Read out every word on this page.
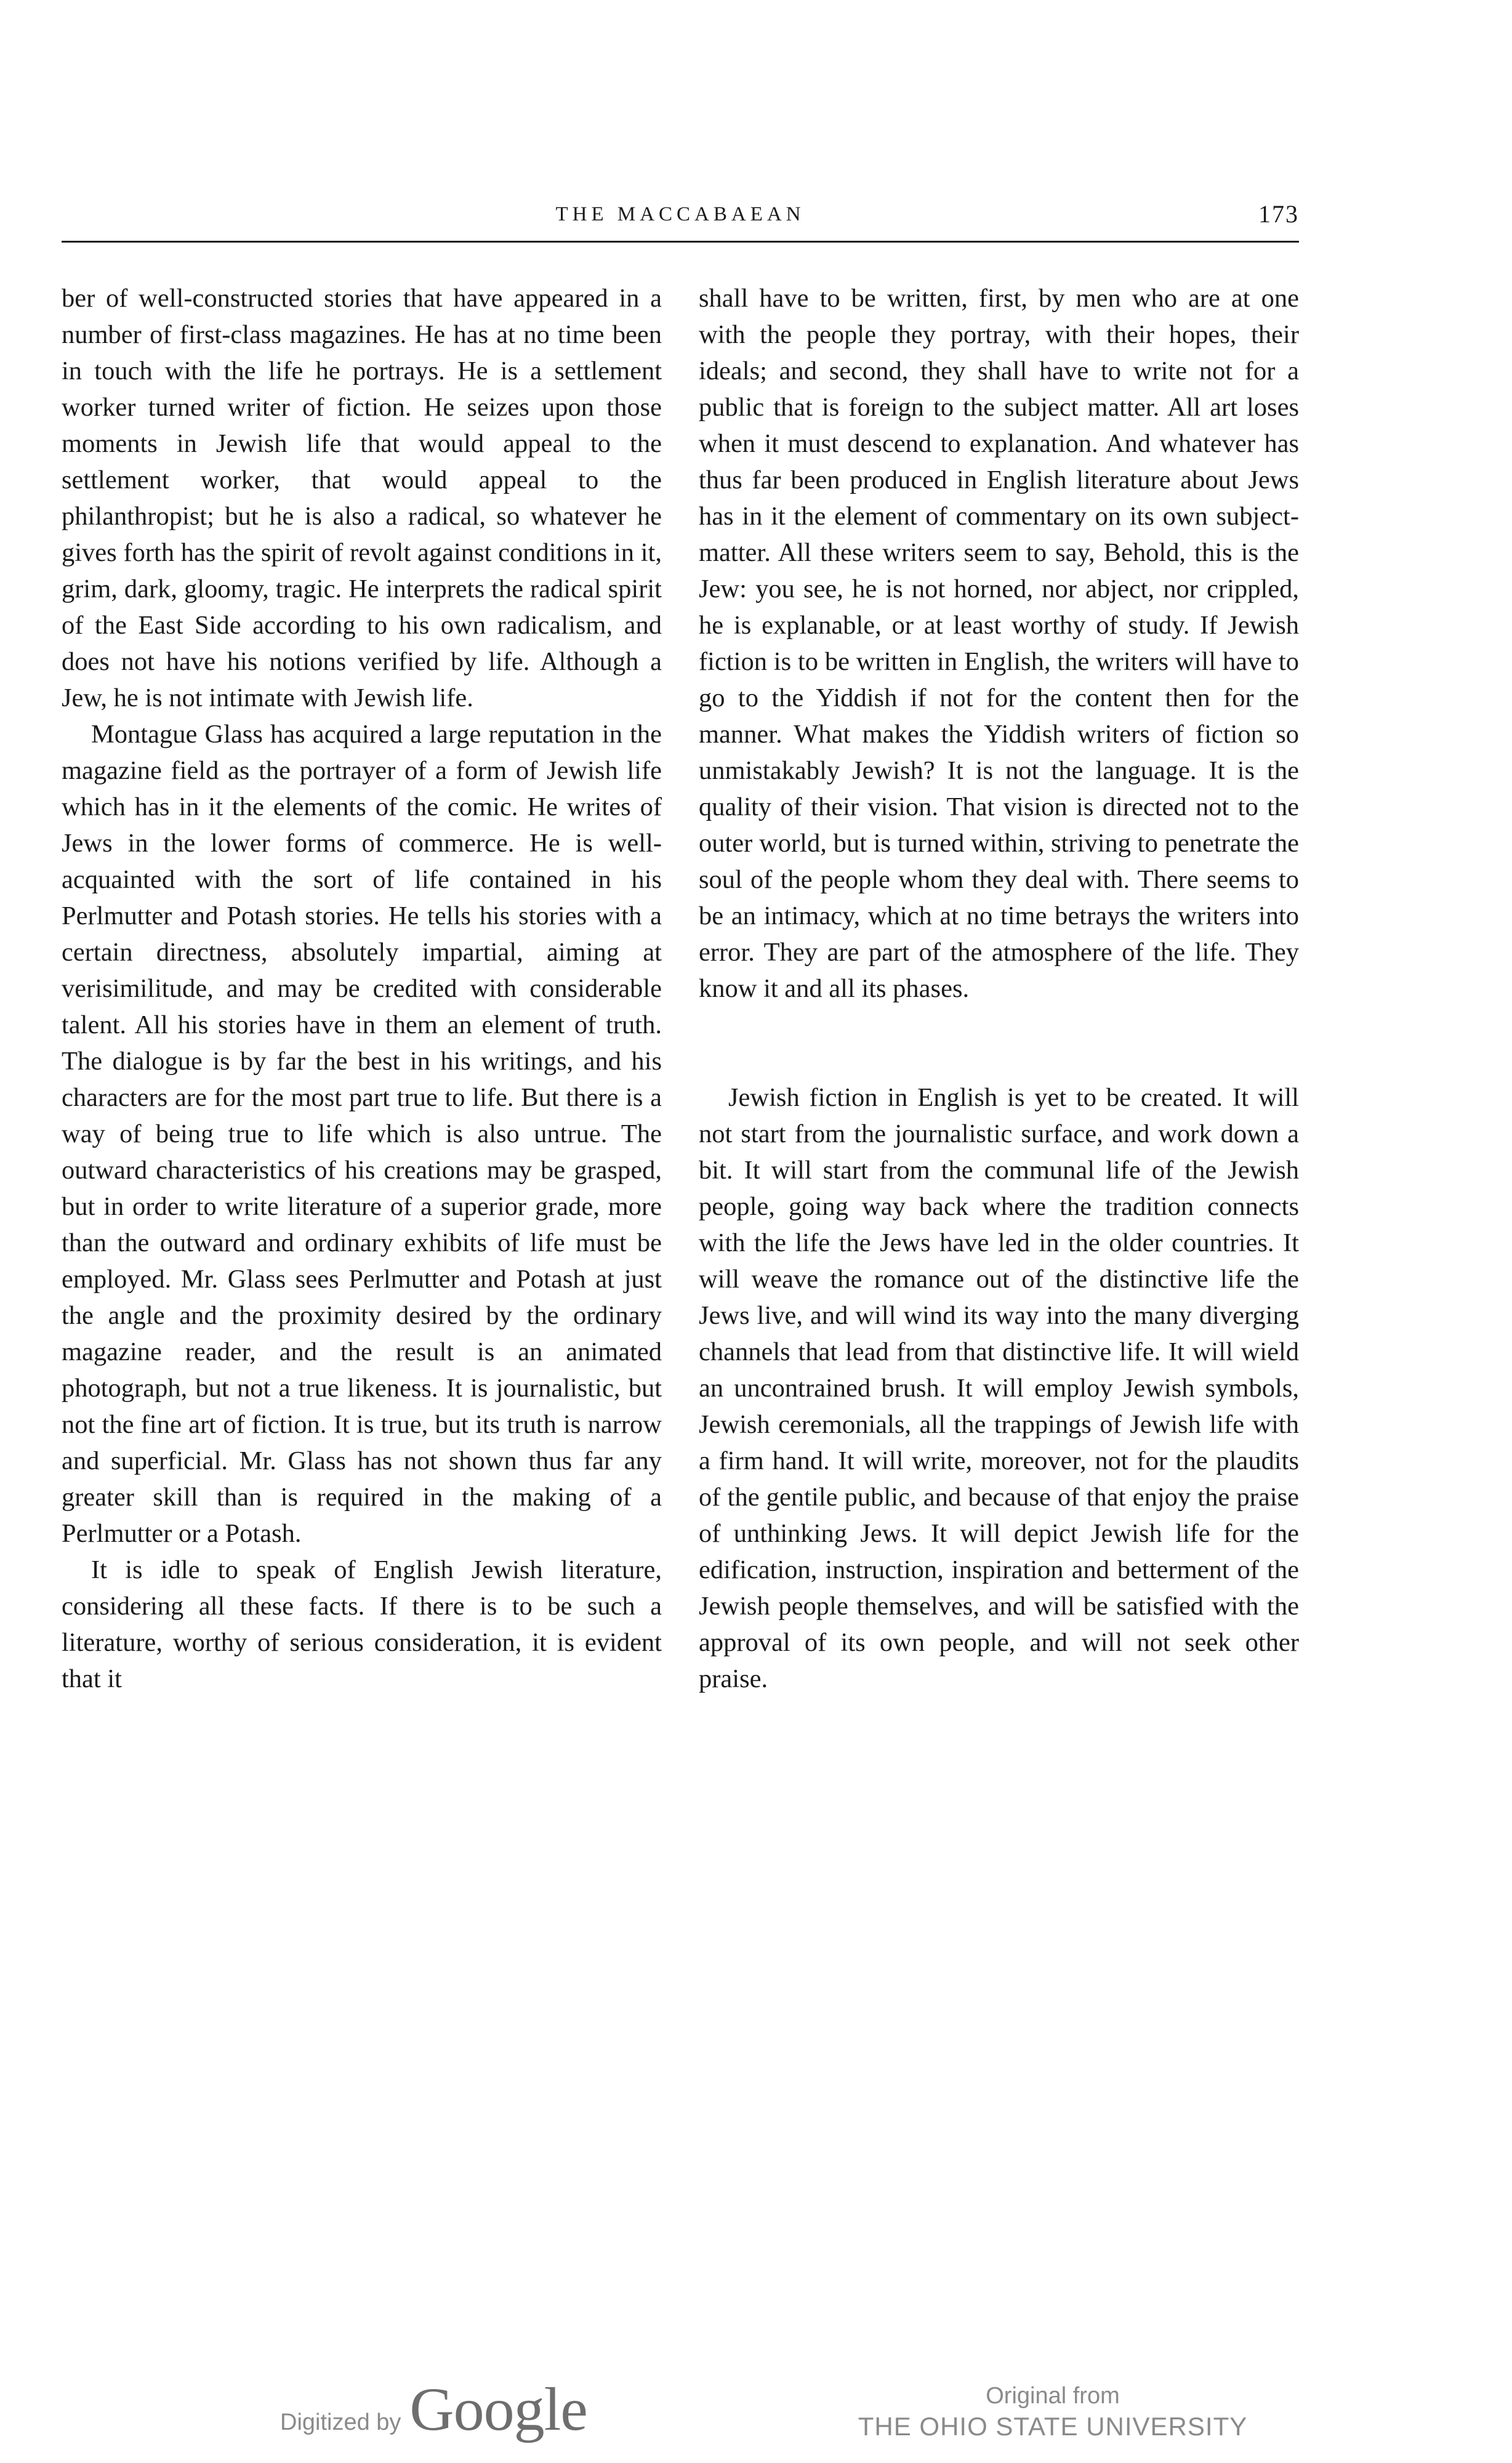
THE MACCABAEAN	173

ber of well-constructed stories that have appeared in a number of first-class magazines. He has at no time been in touch with the life he portrays. He is a settlement worker turned writer of fiction. He seizes upon those moments in Jewish life that would appeal to the settlement worker, that would appeal to the philanthropist; but he is also a radical, so whatever he gives forth has the spirit of revolt against conditions in it, grim, dark, gloomy, tragic. He interprets the radical spirit of the East Side according to his own radicalism, and does not have his notions verified by life. Although a Jew, he is not intimate with Jewish life.

Montague Glass has acquired a large reputation in the magazine field as the portrayer of a form of Jewish life which has in it the elements of the comic. He writes of Jews in the lower forms of commerce. He is well-acquainted with the sort of life contained in his Perlmutter and Potash stories. He tells his stories with a certain directness, absolutely impartial, aiming at verisimilitude, and may be credited with considerable talent. All his stories have in them an element of truth. The dialogue is by far the best in his writings, and his characters are for the most part true to life. But there is a way of being true to life which is also untrue. The outward characteristics of his creations may be grasped, but in order to write literature of a superior grade, more than the outward and ordinary exhibits of life must be employed. Mr. Glass sees Perlmutter and Potash at just the angle and the proximity desired by the ordinary magazine reader, and the result is an animated photograph, but not a true likeness. It is journalistic, but not the fine art of fiction. It is true, but its truth is narrow and superficial. Mr. Glass has not shown thus far any greater skill than is required in the making of a Perlmutter or a Potash.

It is idle to speak of English Jewish literature, considering all these facts. If there is to be such a literature, worthy of serious consideration, it is evident that it

shall have to be written, first, by men who are at one with the people they portray, with their hopes, their ideals; and second, they shall have to write not for a public that is foreign to the subject matter. All art loses when it must descend to explanation. And whatever has thus far been produced in English literature about Jews has in it the element of commentary on its own subject-matter. All these writers seem to say, Behold, this is the Jew: you see, he is not horned, nor abject, nor crippled, he is explanable, or at least worthy of study. If Jewish fiction is to be written in English, the writers will have to go to the Yiddish if not for the content then for the manner. What makes the Yiddish writers of fiction so unmistakably Jewish? It is not the language. It is the quality of their vision. That vision is directed not to the outer world, but is turned within, striving to penetrate the soul of the people whom they deal with. There seems to be an intimacy, which at no time betrays the writers into error. They are part of the atmosphere of the life. They know it and all its phases.

Jewish fiction in English is yet to be created. It will not start from the journalistic surface, and work down a bit. It will start from the communal life of the Jewish people, going way back where the tradition connects with the life the Jews have led in the older countries. It will weave the romance out of the distinctive life the Jews live, and will wind its way into the many diverging channels that lead from that distinctive life. It will wield an uncontrained brush. It will employ Jewish symbols, Jewish ceremonials, all the trappings of Jewish life with a firm hand. It will write, moreover, not for the plaudits of the gentile public, and because of that enjoy the praise of unthinking Jews. It will depict Jewish life for the edification, instruction, inspiration and betterment of the Jewish people themselves, and will be satisfied with the approval of its own people, and will not seek other praise.

Digitized by Google	Original from
THE OHIO STATE UNIVERSITY
